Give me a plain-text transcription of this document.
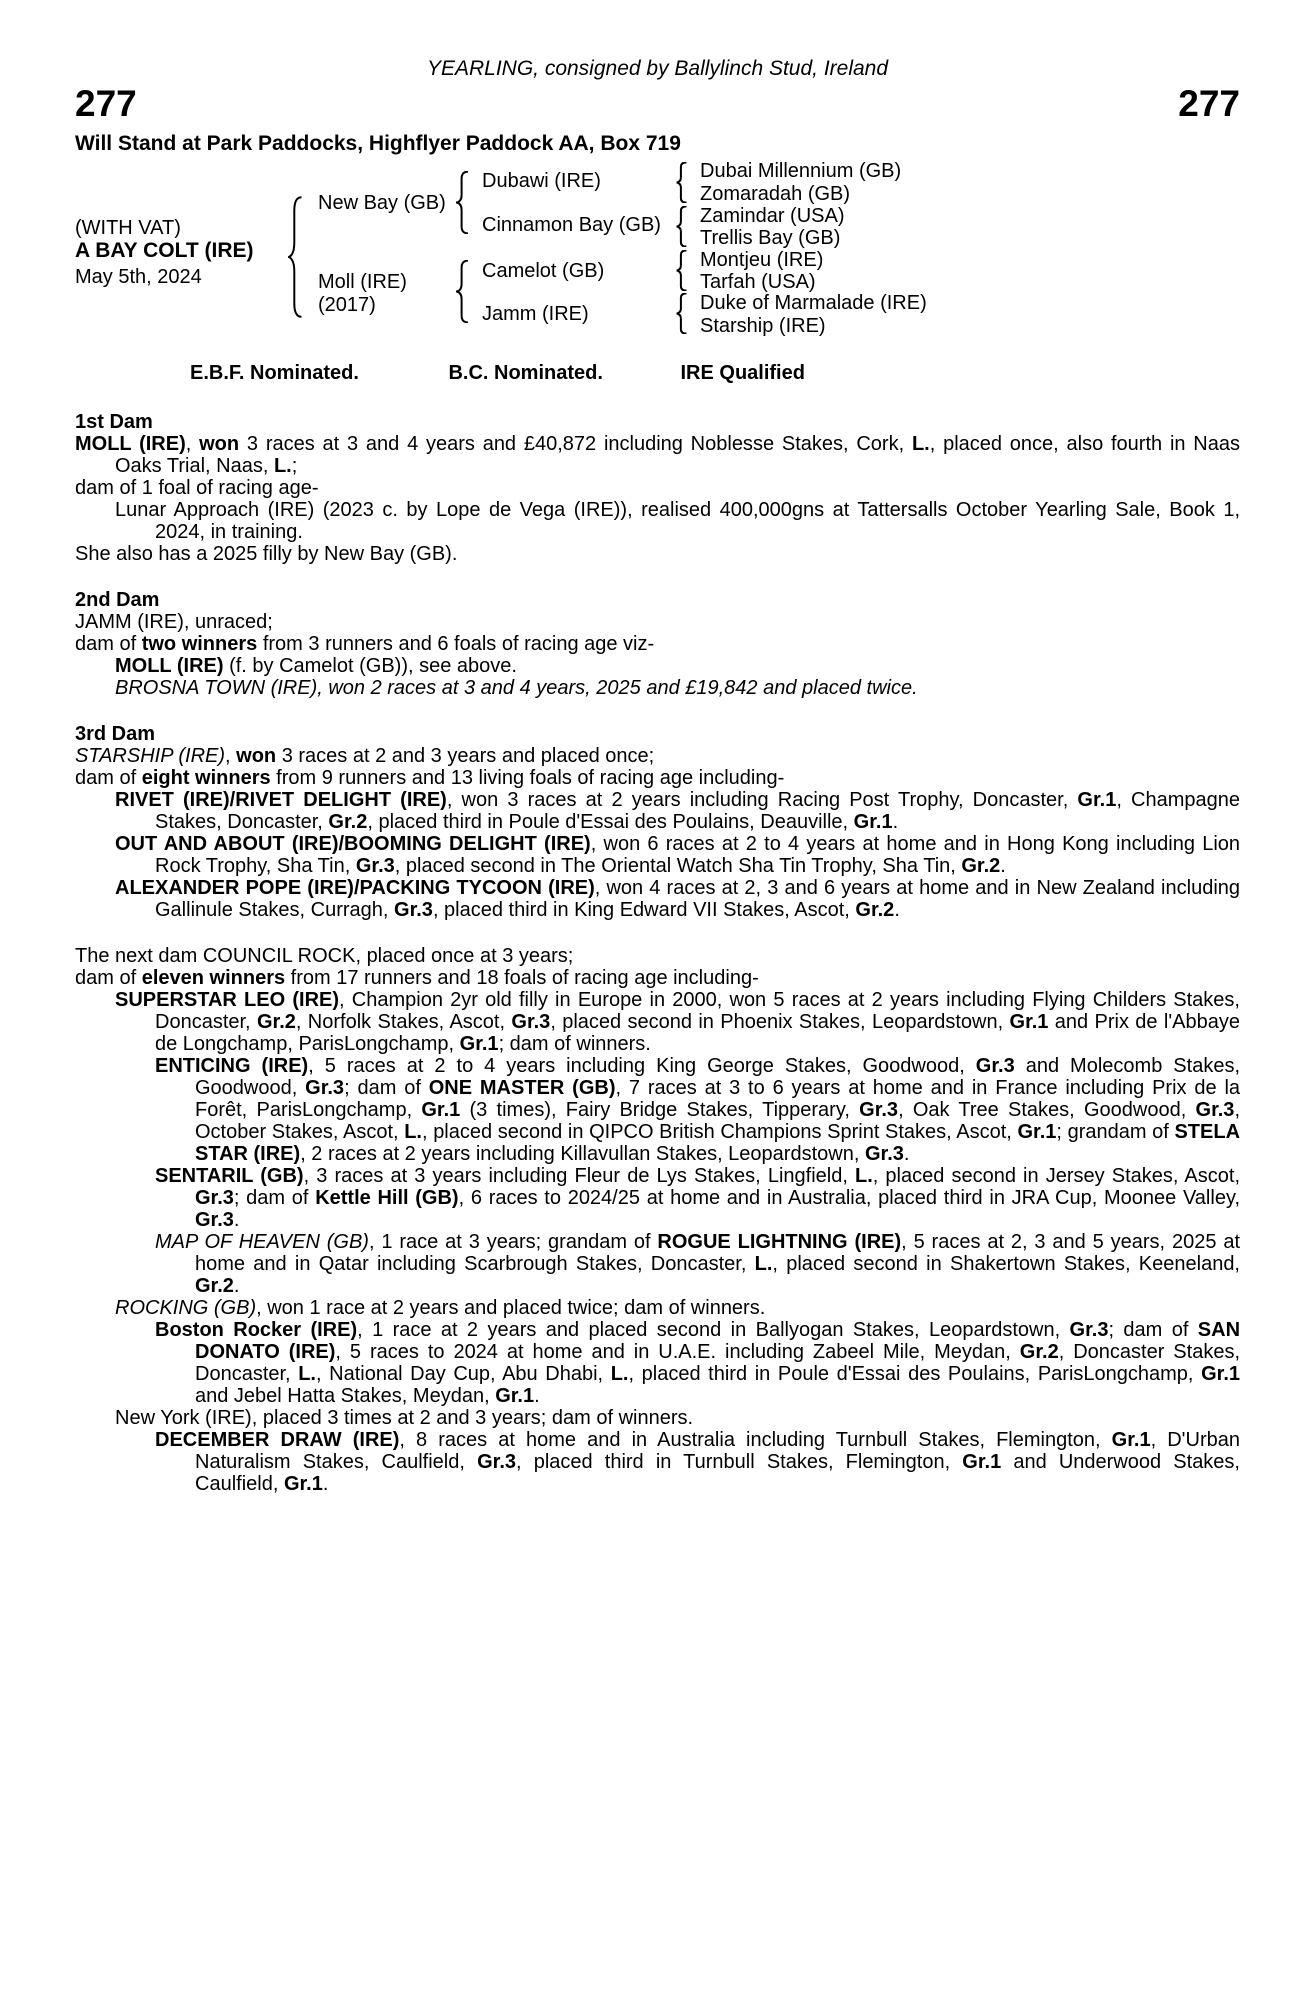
YEARLING, consigned by Ballylinch Stud, Ireland
277	277
Will Stand at Park Paddocks, Highflyer Paddock AA, Box 719
(WITH VAT)
A BAY COLT (IRE)
May 5th, 2024
New Bay (GB)
Moll (IRE)
(2017)
Dubawi (IRE)
Cinnamon Bay (GB)
Camelot (GB)
Jamm (IRE)
Dubai Millennium (GB)
Zomaradah (GB)
Zamindar (USA)
Trellis Bay (GB)
Montjeu (IRE)
Tarfah (USA)
Duke of Marmalade (IRE)
Starship (IRE)
E.B.F. Nominated.	B.C. Nominated.	IRE Qualified
1st Dam
MOLL (IRE), won 3 races at 3 and 4 years and £40,872 including Noblesse Stakes, Cork, L., placed once, also fourth in Naas Oaks Trial, Naas, L.;
dam of 1 foal of racing age-
Lunar Approach (IRE) (2023 c. by Lope de Vega (IRE)), realised 400,000gns at Tattersalls October Yearling Sale, Book 1, 2024, in training.
She also has a 2025 filly by New Bay (GB).
2nd Dam
JAMM (IRE), unraced;
dam of two winners from 3 runners and 6 foals of racing age viz-
MOLL (IRE) (f. by Camelot (GB)), see above.
BROSNA TOWN (IRE), won 2 races at 3 and 4 years, 2025 and £19,842 and placed twice.
3rd Dam
STARSHIP (IRE), won 3 races at 2 and 3 years and placed once;
dam of eight winners from 9 runners and 13 living foals of racing age including-
RIVET (IRE)/RIVET DELIGHT (IRE), won 3 races at 2 years including Racing Post Trophy, Doncaster, Gr.1, Champagne Stakes, Doncaster, Gr.2, placed third in Poule d'Essai des Poulains, Deauville, Gr.1.
OUT AND ABOUT (IRE)/BOOMING DELIGHT (IRE), won 6 races at 2 to 4 years at home and in Hong Kong including Lion Rock Trophy, Sha Tin, Gr.3, placed second in The Oriental Watch Sha Tin Trophy, Sha Tin, Gr.2.
ALEXANDER POPE (IRE)/PACKING TYCOON (IRE), won 4 races at 2, 3 and 6 years at home and in New Zealand including Gallinule Stakes, Curragh, Gr.3, placed third in King Edward VII Stakes, Ascot, Gr.2.
The next dam COUNCIL ROCK, placed once at 3 years;
dam of eleven winners from 17 runners and 18 foals of racing age including-
SUPERSTAR LEO (IRE), Champion 2yr old filly in Europe in 2000, won 5 races at 2 years including Flying Childers Stakes, Doncaster, Gr.2, Norfolk Stakes, Ascot, Gr.3, placed second in Phoenix Stakes, Leopardstown, Gr.1 and Prix de l'Abbaye de Longchamp, ParisLongchamp, Gr.1; dam of winners.
ENTICING (IRE), 5 races at 2 to 4 years including King George Stakes, Goodwood, Gr.3 and Molecomb Stakes, Goodwood, Gr.3; dam of ONE MASTER (GB), 7 races at 3 to 6 years at home and in France including Prix de la Forêt, ParisLongchamp, Gr.1 (3 times), Fairy Bridge Stakes, Tipperary, Gr.3, Oak Tree Stakes, Goodwood, Gr.3, October Stakes, Ascot, L., placed second in QIPCO British Champions Sprint Stakes, Ascot, Gr.1; grandam of STELA STAR (IRE), 2 races at 2 years including Killavullan Stakes, Leopardstown, Gr.3.
SENTARIL (GB), 3 races at 3 years including Fleur de Lys Stakes, Lingfield, L., placed second in Jersey Stakes, Ascot, Gr.3; dam of Kettle Hill (GB), 6 races to 2024/25 at home and in Australia, placed third in JRA Cup, Moonee Valley, Gr.3.
MAP OF HEAVEN (GB), 1 race at 3 years; grandam of ROGUE LIGHTNING (IRE), 5 races at 2, 3 and 5 years, 2025 at home and in Qatar including Scarbrough Stakes, Doncaster, L., placed second in Shakertown Stakes, Keeneland, Gr.2.
ROCKING (GB), won 1 race at 2 years and placed twice; dam of winners.
Boston Rocker (IRE), 1 race at 2 years and placed second in Ballyogan Stakes, Leopardstown, Gr.3; dam of SAN DONATO (IRE), 5 races to 2024 at home and in U.A.E. including Zabeel Mile, Meydan, Gr.2, Doncaster Stakes, Doncaster, L., National Day Cup, Abu Dhabi, L., placed third in Poule d'Essai des Poulains, ParisLongchamp, Gr.1 and Jebel Hatta Stakes, Meydan, Gr.1.
New York (IRE), placed 3 times at 2 and 3 years; dam of winners.
DECEMBER DRAW (IRE), 8 races at home and in Australia including Turnbull Stakes, Flemington, Gr.1, D'Urban Naturalism Stakes, Caulfield, Gr.3, placed third in Turnbull Stakes, Flemington, Gr.1 and Underwood Stakes, Caulfield, Gr.1.
